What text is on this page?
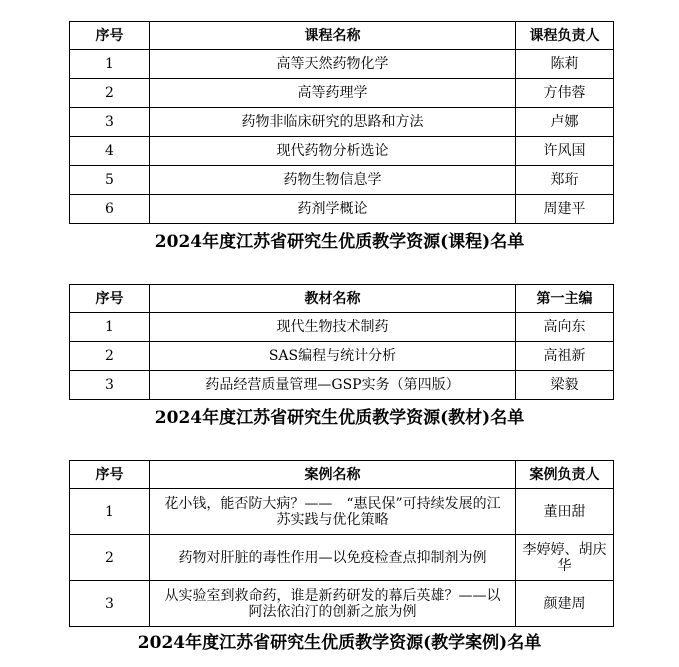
序号	课程名称	课程负责人
1	高等天然药物化学	陈莉
2	高等药理学	方伟蓉
3	药物非临床研究的思路和方法	卢娜
4	现代药物分析选论	许风国
5	药物生物信息学	郑珩
6	药剂学概论	周建平
2024年度江苏省研究生优质教学资源(课程)名单
序号	教材名称	第一主编
1	现代生物技术制药	高向东
2	SAS编程与统计分析	高祖新
3	药品经营质量管理—GSP实务（第四版）	梁毅
2024年度江苏省研究生优质教学资源(教材)名单
序号	案例名称	案例负责人
1	花小钱，能否防大病？——　“惠民保”可持续发展的江苏实践与优化策略	董田甜
2	药物对肝脏的毒性作用—以免疫检查点抑制剂为例	李婷婷、胡庆华
3	从实验室到救命药，谁是新药研发的幕后英雄？——以阿法依泊汀的创新之旅为例	颜建周
2024年度江苏省研究生优质教学资源(教学案例)名单
